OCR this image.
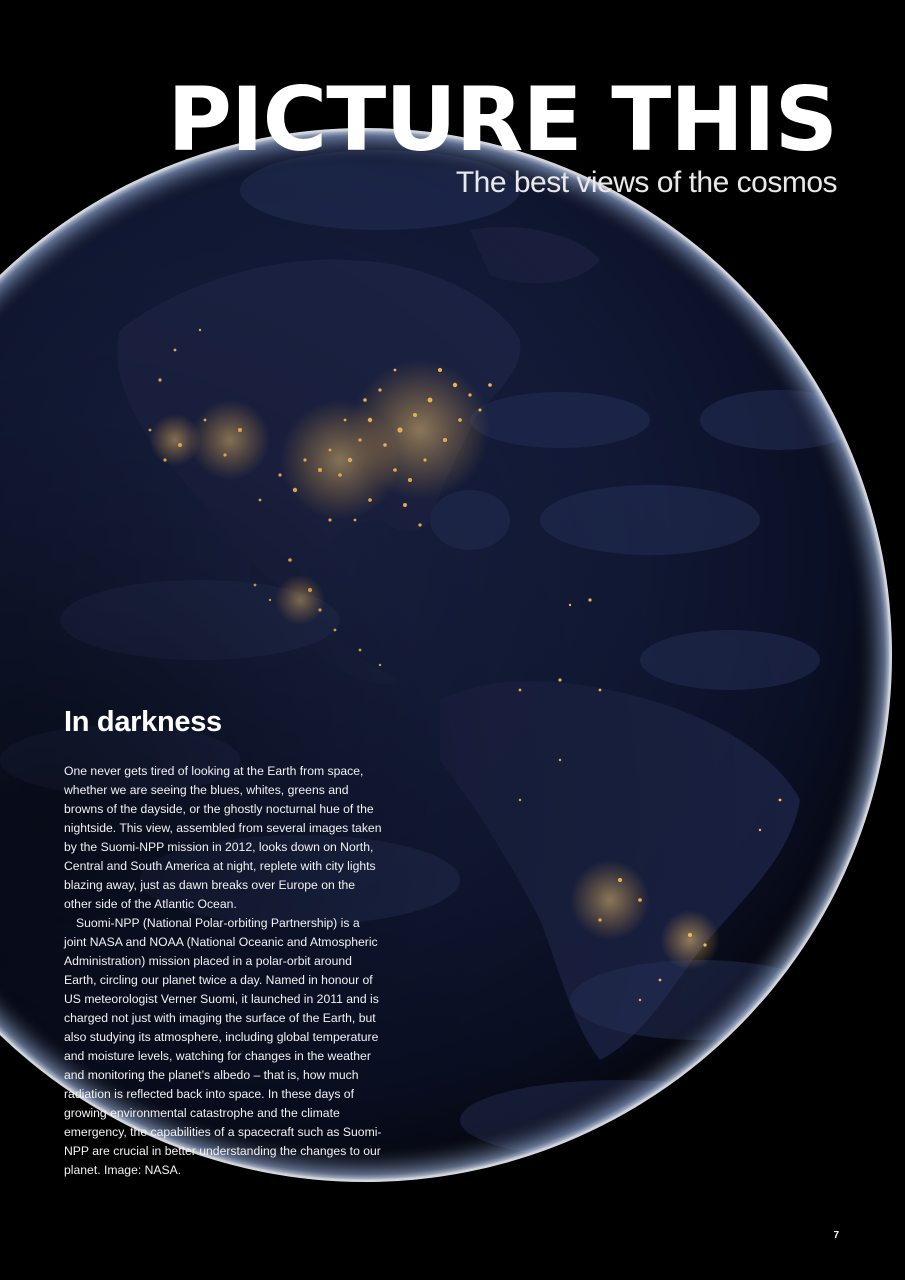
PICTURE THIS
The best views of the cosmos
In darkness

One never gets tired of looking at the Earth from space, whether we are seeing the blues, whites, greens and browns of the dayside, or the ghostly nocturnal hue of the nightside. This view, assembled from several images taken by the Suomi-NPP mission in 2012, looks down on North, Central and South America at night, replete with city lights blazing away, just as dawn breaks over Europe on the other side of the Atlantic Ocean.

Suomi-NPP (National Polar-orbiting Partnership) is a joint NASA and NOAA (National Oceanic and Atmospheric Administration) mission placed in a polar-orbit around Earth, circling our planet twice a day. Named in honour of US meteorologist Verner Suomi, it launched in 2011 and is charged not just with imaging the surface of the Earth, but also studying its atmosphere, including global temperature and moisture levels, watching for changes in the weather and monitoring the planet’s albedo – that is, how much radiation is reflected back into space. In these days of growing environmental catastrophe and the climate emergency, the capabilities of a spacecraft such as Suomi-NPP are crucial in better understanding the changes to our planet. Image: NASA.

7
